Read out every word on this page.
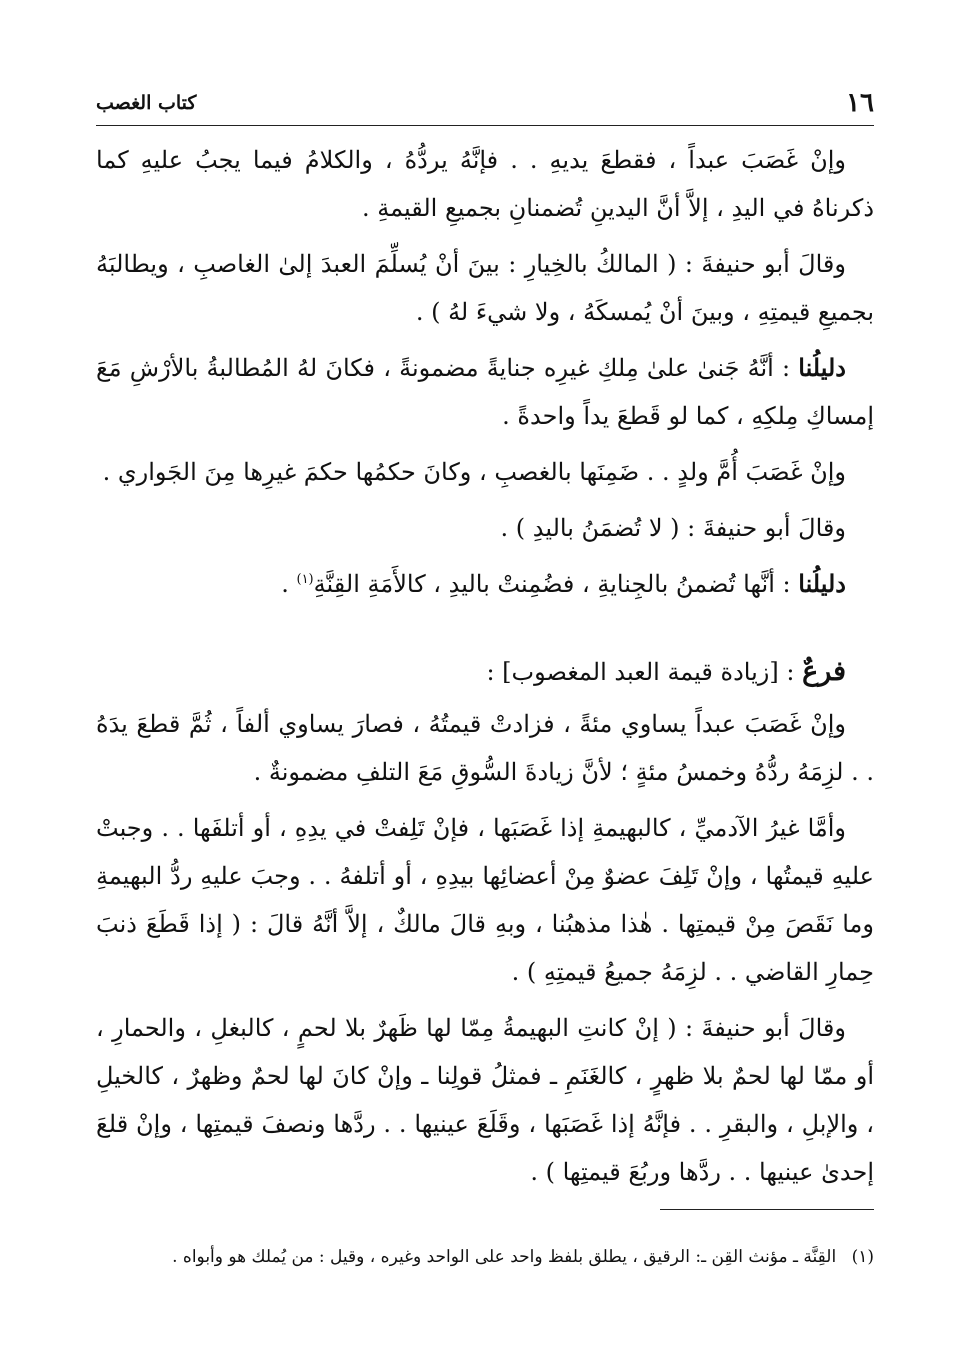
١٦
كتاب الغصب

وإنْ غَصَبَ عبداً ، فقطعَ يديهِ . . فإنَّهُ يردُّهُ ، والكلامُ فيما يجبُ عليهِ كما ذكرناهُ في اليدِ ، إلاَّ أنَّ اليدينِ تُضمنانِ بجميعِ القيمةِ .

وقالَ أبو حنيفةَ : ( المالكُ بالخِيارِ : بينَ أنْ يُسلِّمَ العبدَ إلىٰ الغاصبِ ، ويطالبَهُ بجميعِ قيمتِهِ ، وبينَ أنْ يُمسكَهُ ، ولا شيءَ لهُ ) .

دليلُنا : أنَّهُ جَنىٰ علىٰ مِلكِ غيرِه جنايةً مضمونةً ، فكانَ لهُ المُطالبةُ بالأرْشِ مَعَ إمساكِ مِلكِهِ ، كما لو قَطعَ يداً واحدةً .

وإنْ غَصَبَ أُمَّ ولدٍ . . ضَمِنَها بالغصبِ ، وكانَ حكمُها حكمَ غيرِها مِنَ الجَواري .

وقالَ أبو حنيفةَ : ( لا تُضمَنُ باليدِ ) .

دليلُنا : أنَّها تُضمنُ بالجِنايةِ ، فضُمِنتْ باليدِ ، كالأَمَةِ القِنَّةِ$^{(١)}$ .

فرعٌ : [زيادة قيمة العبد المغصوب] :

وإنْ غَصَبَ عبداً يساوي مئةً ، فزادتْ قيمتُهُ ، فصارَ يساوي ألفاً ، ثُمَّ قطعَ يدَهُ . . لزِمَهُ ردُّهُ وخمسُ مئةٍ ؛ لأنَّ زيادةَ السُّوقِ مَعَ التلفِ مضمونةٌ .

وأمَّا غيرُ الآدميِّ ، كالبهيمةِ إذا غَصَبَها ، فإنْ تَلِفتْ في يدِهِ ، أو أتلفَها . . وجبتْ عليهِ قيمتُها ، وإنْ تَلِفَ عضوٌ مِنْ أعضائِها بيدِهِ ، أو أتلفهُ . . وجبَ عليهِ ردُّ البهيمةِ وما نَقَصَ مِنْ قيمتِها . هٰذا مذهبُنا ، وبهِ قالَ مالكٌ ، إلاَّ أنَّهُ قالَ : ( إذا قَطَعَ ذنبَ حِمارِ القاضي . . لزِمَهُ جميعُ قيمتِهِ ) .

وقالَ أبو حنيفةَ : ( إنْ كانتِ البهيمةُ مِمّا لها ظَهرٌ بلا لحمٍ ، كالبغلِ ، والحمارِ ، أو ممّا لها لحمٌ بلا ظهرٍ ، كالغَنَمِ ـ فمثلُ قولِنا ـ وإنْ كانَ لها لحمٌ وظهرٌ ، كالخيلِ ، والإبلِ ، والبقرِ . . فإنَّهُ إذا غَصَبَها ، وقَلَعَ عينيها . . ردَّها ونصفَ قيمتِها ، وإنْ قلعَ إحدىٰ عينيها . . ردَّها وربُعَ قيمتِها ) .

(١) القِنَّة ـ مؤنث القِن ـ: الرقيق ، يطلق بلفظ واحد على الواحد وغيره ، وقيل : من يُملك هو وأبواه .
